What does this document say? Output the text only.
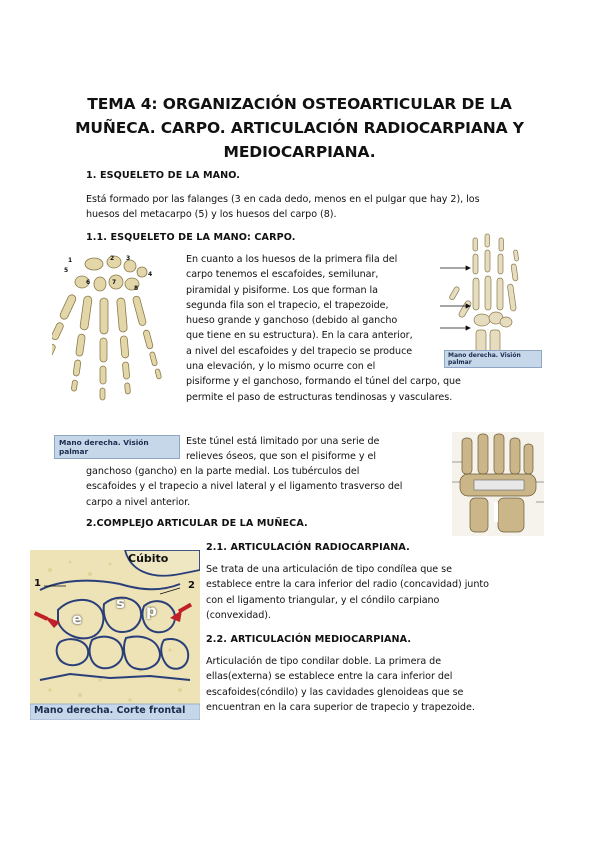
TEMA 4: ORGANIZACIÓN OSTEOARTICULAR DE LA
MUÑECA. CARPO. ARTICULACIÓN RADIOCARPIANA Y
MEDIOCARPIANA.
1. ESQUELETO DE LA MANO.
Está formado por las falanges (3 en cada dedo, menos en el pulgar que hay 2), los
huesos del metacarpo (5) y los huesos del carpo (8).
1.1. ESQUELETO DE LA MANO: CARPO.
5
1	2 3
4
6	7
8
Mano derecha. Visión palmar
En cuanto a los huesos de la primera fila del
carpo tenemos el escafoides, semilunar,
piramidal y pisiforme. Los que forman la
segunda fila son el trapecio, el trapezoide,
hueso grande y ganchoso (debido al gancho
que tiene en su estructura). En la cara anterior,
a nivel del escafoides y del trapecio se produce
una elevación, y lo mismo ocurre con el
pisiforme y el ganchoso, formando el túnel del carpo, que
permite el paso de estructuras tendinosas y vasculares.
Mano derecha. Visión palmar
Este túnel está limitado por una serie de
relieves óseos, que son el pisiforme y el
ganchoso (gancho) en la parte medial. Los tubérculos del
escafoides y el trapecio a nivel lateral y el ligamento trasverso del
carpo a nivel anterior.
2.COMPLEJO ARTICULAR DE LA MUÑECA.
Cúbito
1	2
e
s p
Mano derecha. Corte frontal
2.1. ARTICULACIÓN RADIOCARPIANA.
Se trata de una articulación de tipo condílea que se
establece entre la cara inferior del radio (concavidad) junto
con el ligamento triangular, y el cóndilo carpiano
(convexidad).
2.2. ARTICULACIÓN MEDIOCARPIANA.
Articulación de tipo condilar doble. La primera de
ellas(externa) se establece entre la cara inferior del
escafoides(cóndilo) y las cavidades glenoideas que se
encuentran en la cara superior de trapecio y trapezoide.
